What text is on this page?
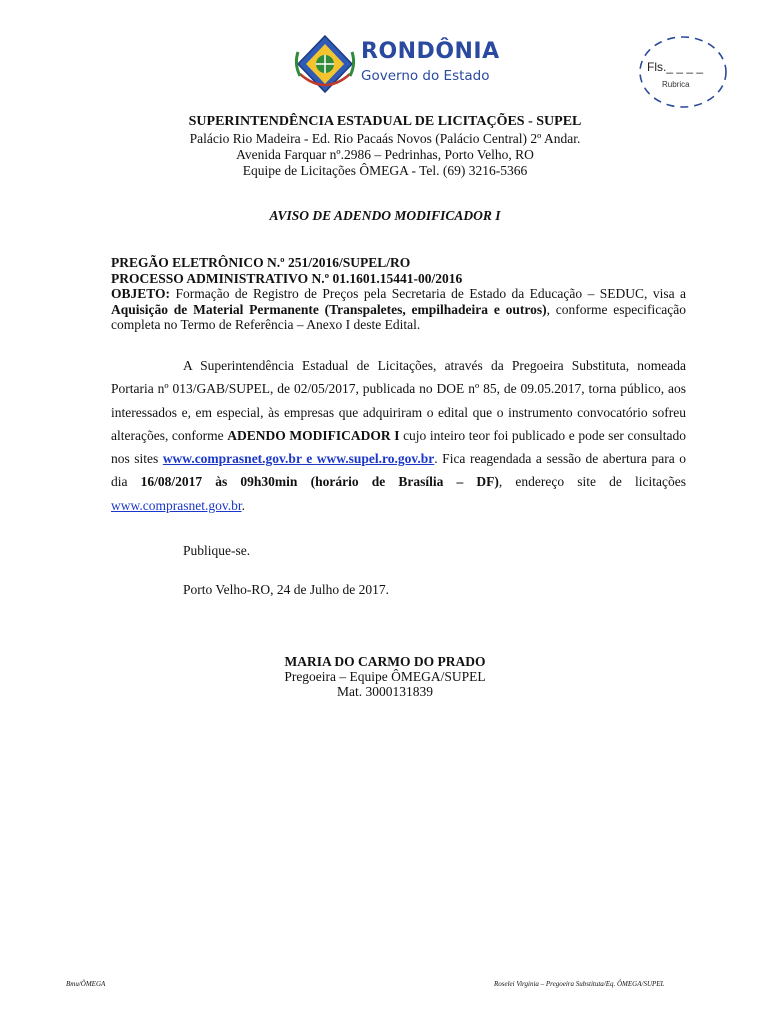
RONDÔNIA
Governo do Estado
Fls._ _ _ _
Rubrica
SUPERINTENDÊNCIA ESTADUAL DE LICITAÇÕES - SUPEL
Palácio Rio Madeira - Ed. Rio Pacaás Novos (Palácio Central) 2º Andar.
Avenida Farquar nº.2986 – Pedrinhas, Porto Velho, RO
Equipe de Licitações ÔMEGA - Tel. (69) 3216-5366
AVISO DE ADENDO MODIFICADOR I
PREGÃO ELETRÔNICO N.º 251/2016/SUPEL/RO
PROCESSO ADMINISTRATIVO N.º 01.1601.15441-00/2016
OBJETO: Formação de Registro de Preços pela Secretaria de Estado da Educação – SEDUC, visa a Aquisição de Material Permanente (Transpaletes, empilhadeira e outros), conforme especificação completa no Termo de Referência – Anexo I deste Edital.
A Superintendência Estadual de Licitações, através da Pregoeira Substituta, nomeada Portaria nº 013/GAB/SUPEL, de 02/05/2017, publicada no DOE nº 85, de 09.05.2017, torna público, aos interessados e, em especial, às empresas que adquiriram o edital que o instrumento convocatório sofreu alterações, conforme ADENDO MODIFICADOR I cujo inteiro teor foi publicado e pode ser consultado nos sites www.comprasnet.gov.br e www.supel.ro.gov.br. Fica reagendada a sessão de abertura para o dia 16/08/2017 às 09h30min (horário de Brasília – DF), endereço site de licitações www.comprasnet.gov.br.
Publique-se.
Porto Velho-RO, 24 de Julho de 2017.
MARIA DO CARMO DO PRADO
Pregoeira – Equipe ÔMEGA/SUPEL
Mat. 3000131839
Bmu/ÔMEGA	Roselei Virginia – Pregoeira Substituta/Eq. ÔMEGA/SUPEL
